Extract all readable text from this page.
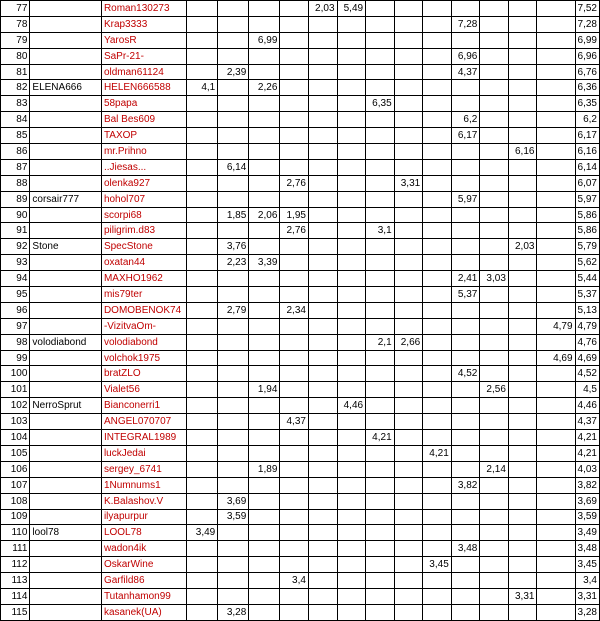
77		Roman130273					2,03	5,49								7,52
78		Krap3333										7,28				7,28
79		YarosR			6,99											6,99
80		SaPr-21-										6,96				6,96
81		oldman61124		2,39								4,37				6,76
82	ELENA666	HELEN666588	4,1		2,26											6,36
83		58papa							6,35							6,35
84		Bal Bes609										6,2				6,2
85		TAXOP										6,17				6,17
86		mr.Prihno												6,16		6,16
87		..Jiesas...		6,14												6,14
88		olenka927				2,76				3,31						6,07
89	corsair777	hohol707										5,97				5,97
90		scorpi68		1,85	2,06	1,95										5,86
91		piligrim.d83				2,76			3,1							5,86
92	Stone	SpecStone		3,76										2,03		5,79
93		oxatan44		2,23	3,39											5,62
94		MAXHO1962										2,41	3,03			5,44
95		mis79ter										5,37				5,37
96		DOMOBENOK74		2,79		2,34										5,13
97		-VizitvaOm-													4,79	4,79
98	volodiabond	volodiabond							2,1	2,66						4,76
99		volchok1975													4,69	4,69
100		bratZLO										4,52				4,52
101		Vialet56			1,94								2,56			4,5
102	NerroSprut	Bianconerri1						4,46								4,46
103		ANGEL070707				4,37										4,37
104		INTEGRAL1989							4,21							4,21
105		luckJedai									4,21					4,21
106		sergey_6741			1,89								2,14			4,03
107		1Numnums1										3,82				3,82
108		K.Balashov.V		3,69												3,69
109		ilyapurpur		3,59												3,59
110	lool78	LOOL78	3,49													3,49
111		wadon4ik										3,48				3,48
112		OskarWine									3,45					3,45
113		Garfild86				3,4										3,4
114		Tutanhamon99												3,31		3,31
115		kasanek(UA)		3,28												3,28
